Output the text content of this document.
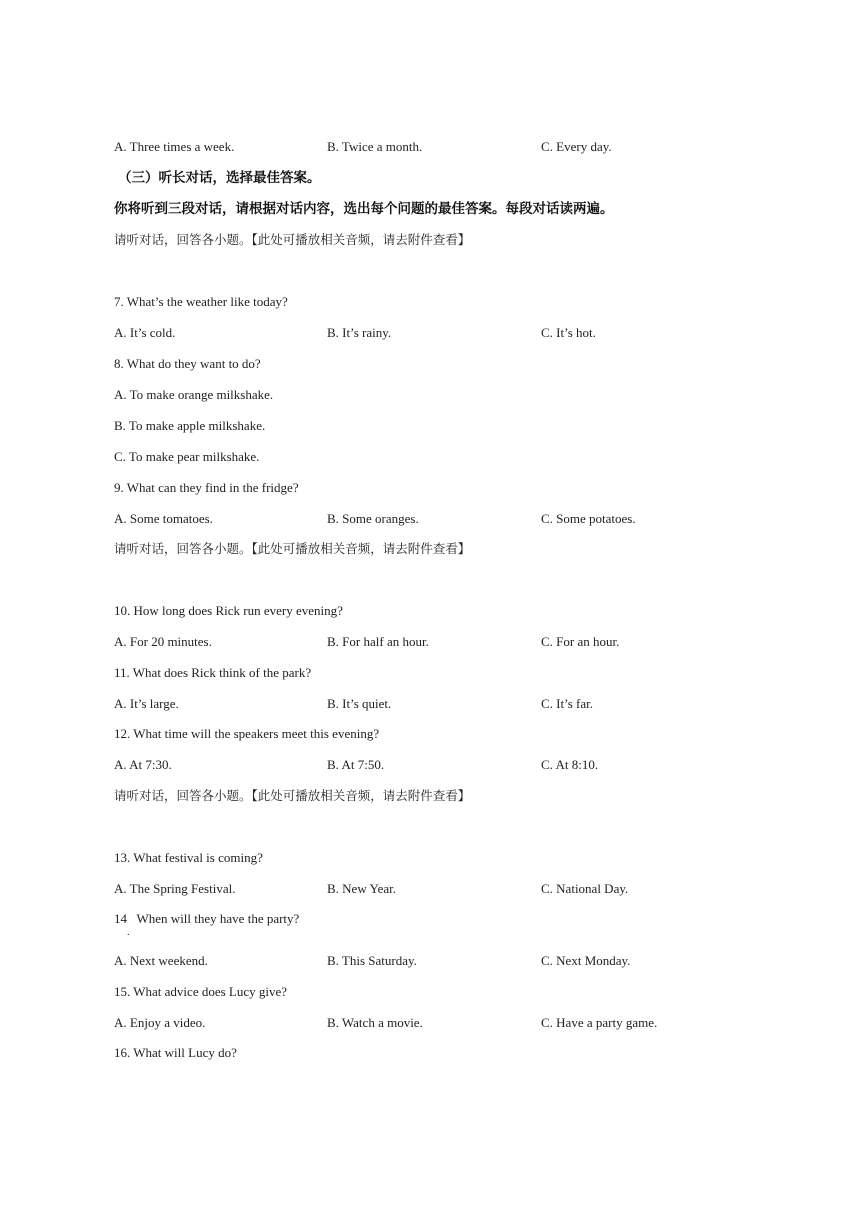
A. Three times a week.	B. Twice a month.	C. Every day.
（三）听长对话，选择最佳答案。
你将听到三段对话，请根据对话内容，选出每个问题的最佳答案。每段对话读两遍。
请听对话，回答各小题。【此处可播放相关音频，请去附件查看】
7. What’s the weather like today?
A. It’s cold.	B. It’s rainy.	C. It’s hot.
8. What do they want to do?
A. To make orange milkshake.
B. To make apple milkshake.
C. To make pear milkshake.
9. What can they find in the fridge?
A. Some tomatoes.	B. Some oranges.	C. Some potatoes.
请听对话，回答各小题。【此处可播放相关音频，请去附件查看】
10. How long does Rick run every evening?
A. For 20 minutes.	B. For half an hour.	C. For an hour.
11. What does Rick think of the park?
A. It’s large.	B. It’s quiet.	C. It’s far.
12. What time will the speakers meet this evening?
A. At 7:30.	B. At 7:50.	C. At 8:10.
请听对话，回答各小题。【此处可播放相关音频，请去附件查看】
13. What festival is coming?
A. The Spring Festival.	B. New Year.	C. National Day.
14   When will they have the party?
.
A. Next weekend.	B. This Saturday.	C. Next Monday.
15. What advice does Lucy give?
A. Enjoy a video.	B. Watch a movie.	C. Have a party game.
16. What will Lucy do?
